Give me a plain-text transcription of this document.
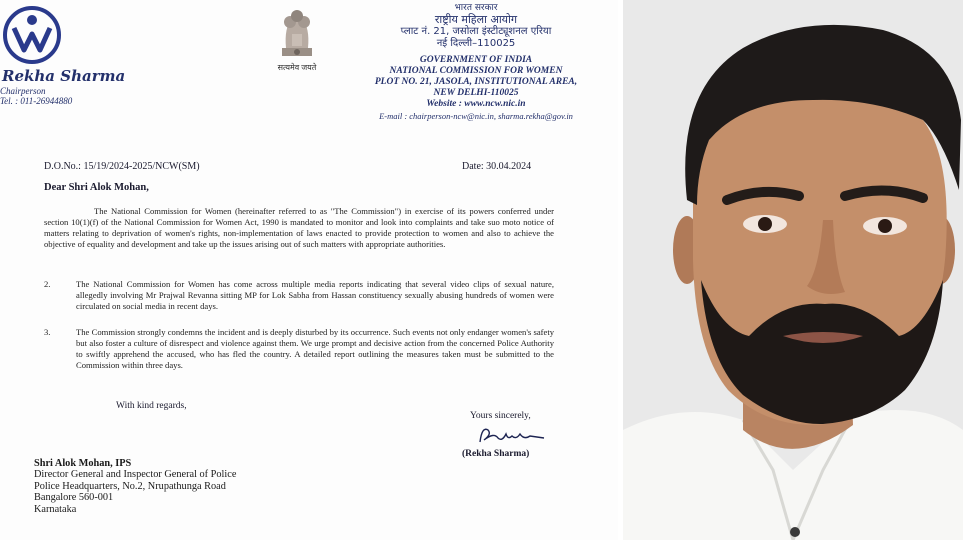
Rekha Sharma
Chairperson
Tel. : 011-26944880
सत्यमेव जयते
भारत सरकार
राष्ट्रीय महिला आयोग
प्लाट नं. 21, जसोला इंस्टीट्यूशनल एरिया
नई दिल्ली–110025
GOVERNMENT OF INDIA
NATIONAL COMMISSION FOR WOMEN
PLOT NO. 21, JASOLA, INSTITUTIONAL AREA,
NEW DELHI-110025
Website : www.ncw.nic.in
E-mail : chairperson-ncw@nic.in, sharma.rekha@gov.in
D.O.No.: 15/19/2024-2025/NCW(SM)	Date: 30.04.2024
Dear Shri Alok Mohan,
The National Commission for Women (hereinafter referred to as "The Commission") in exercise of its powers conferred under section 10(1)(f) of the National Commission for Women Act, 1990 is mandated to monitor and look into complaints and take suo moto notice of matters relating to deprivation of women's rights, non-implementation of laws enacted to provide protection to women and also to achieve the objective of equality and development and take up the issues arising out of such matters with appropriate authorities.
2.	The National Commission for Women has come across multiple media reports indicating that several video clips of sexual nature, allegedly involving Mr Prajwal Revanna sitting MP for Lok Sabha from Hassan constituency sexually abusing hundreds of women were circulated on social media in recent days.
3.	The Commission strongly condemns the incident and is deeply disturbed by its occurrence. Such events not only endanger women's safety but also foster a culture of disrespect and violence against them. We urge prompt and decisive action from the concerned Police Authority to swiftly apprehend the accused, who has fled the country. A detailed report outlining the measures taken must be submitted to the Commission within three days.
With kind regards,
Yours sincerely,
(Rekha Sharma)
Shri Alok Mohan, IPS
Director General and Inspector General of Police
Police Headquarters, No.2, Nrupathunga Road
Bangalore 560-001
Karnataka
